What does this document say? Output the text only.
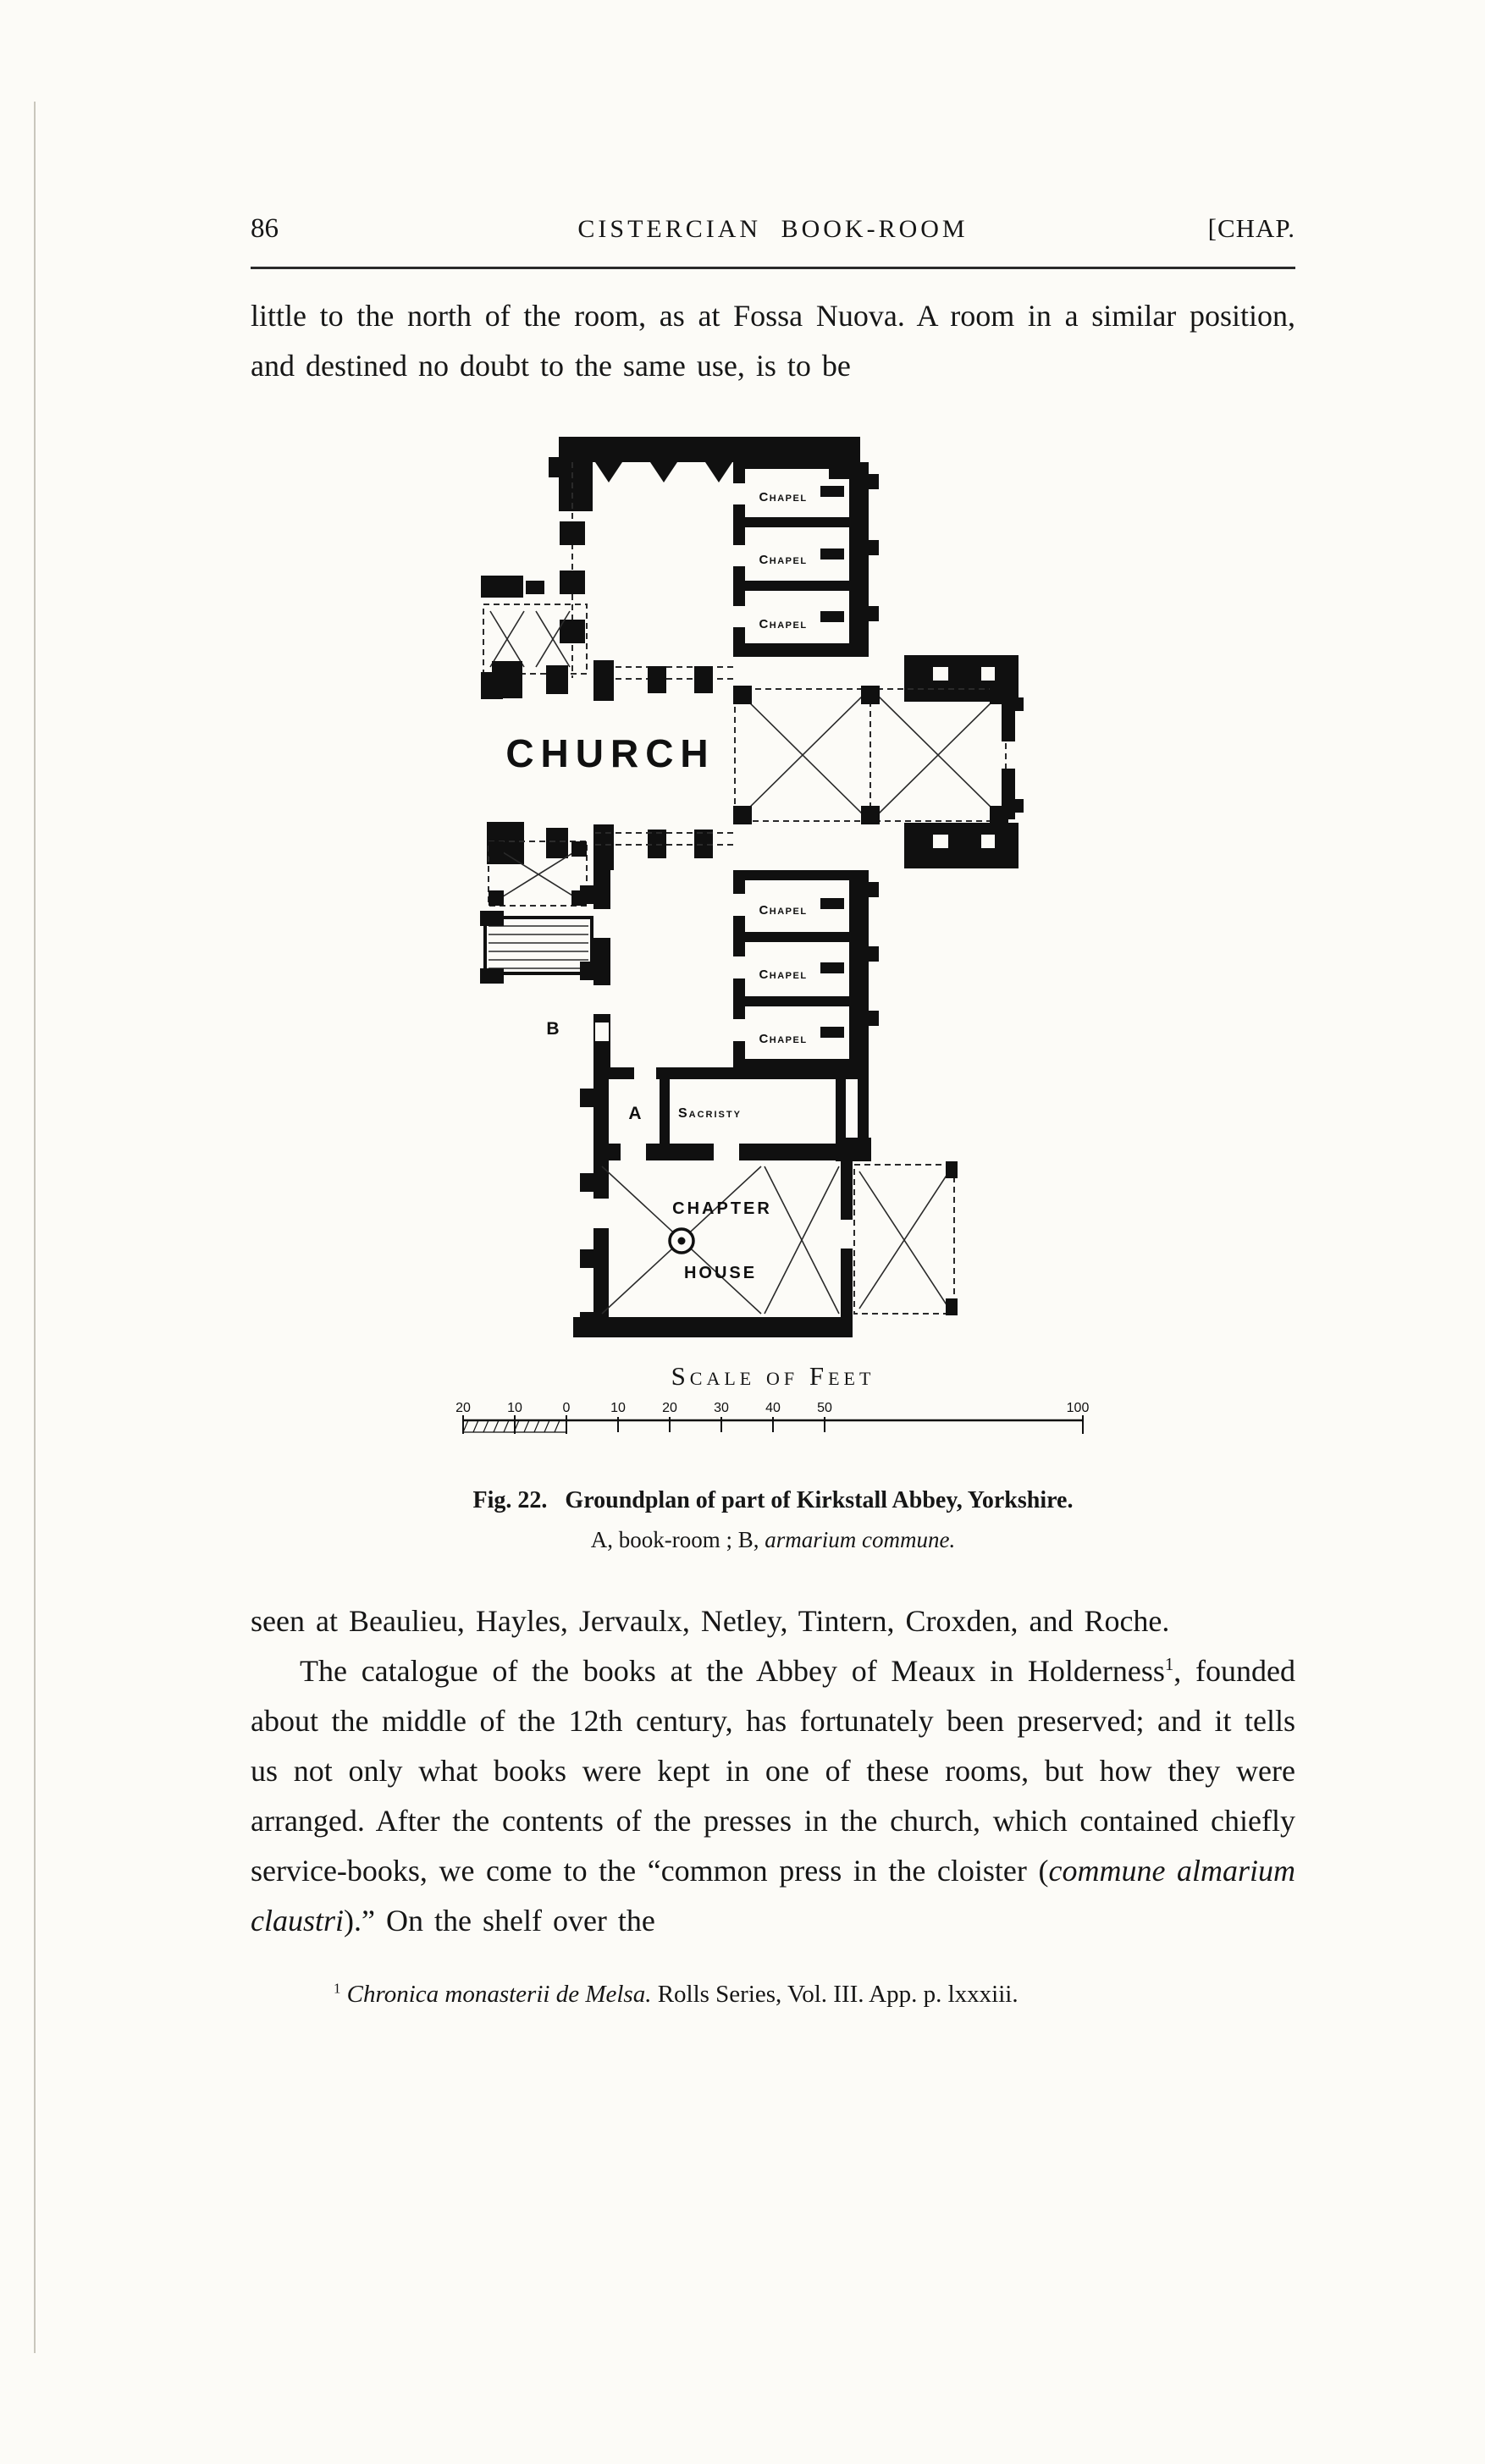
86	CISTERCIAN BOOK-ROOM	[CHAP.

little to the north of the room, as at Fossa Nuova. A room in a similar position, and destined no doubt to the same use, is to be

Chapel
Chapel
Chapel
CHURCH
Chapel
Chapel
Chapel
B
A	Sacristy
CHAPTER
HOUSE
Scale of Feet
20	10	0	10	20	30	40	50	100
Fig. 22. Groundplan of part of Kirkstall Abbey, Yorkshire.
A, book-room ; B, armarium commune.

seen at Beaulieu, Hayles, Jervaulx, Netley, Tintern, Croxden, and Roche.

The catalogue of the books at the Abbey of Meaux in Holderness$^1$, founded about the middle of the 12th century, has fortunately been preserved; and it tells us not only what books were kept in one of these rooms, but how they were arranged. After the contents of the presses in the church, which contained chiefly service-books, we come to the “common press in the cloister (commune almarium claustri).” On the shelf over the

$^1$ Chronica monasterii de Melsa. Rolls Series, Vol. III. App. p. lxxxiii.
